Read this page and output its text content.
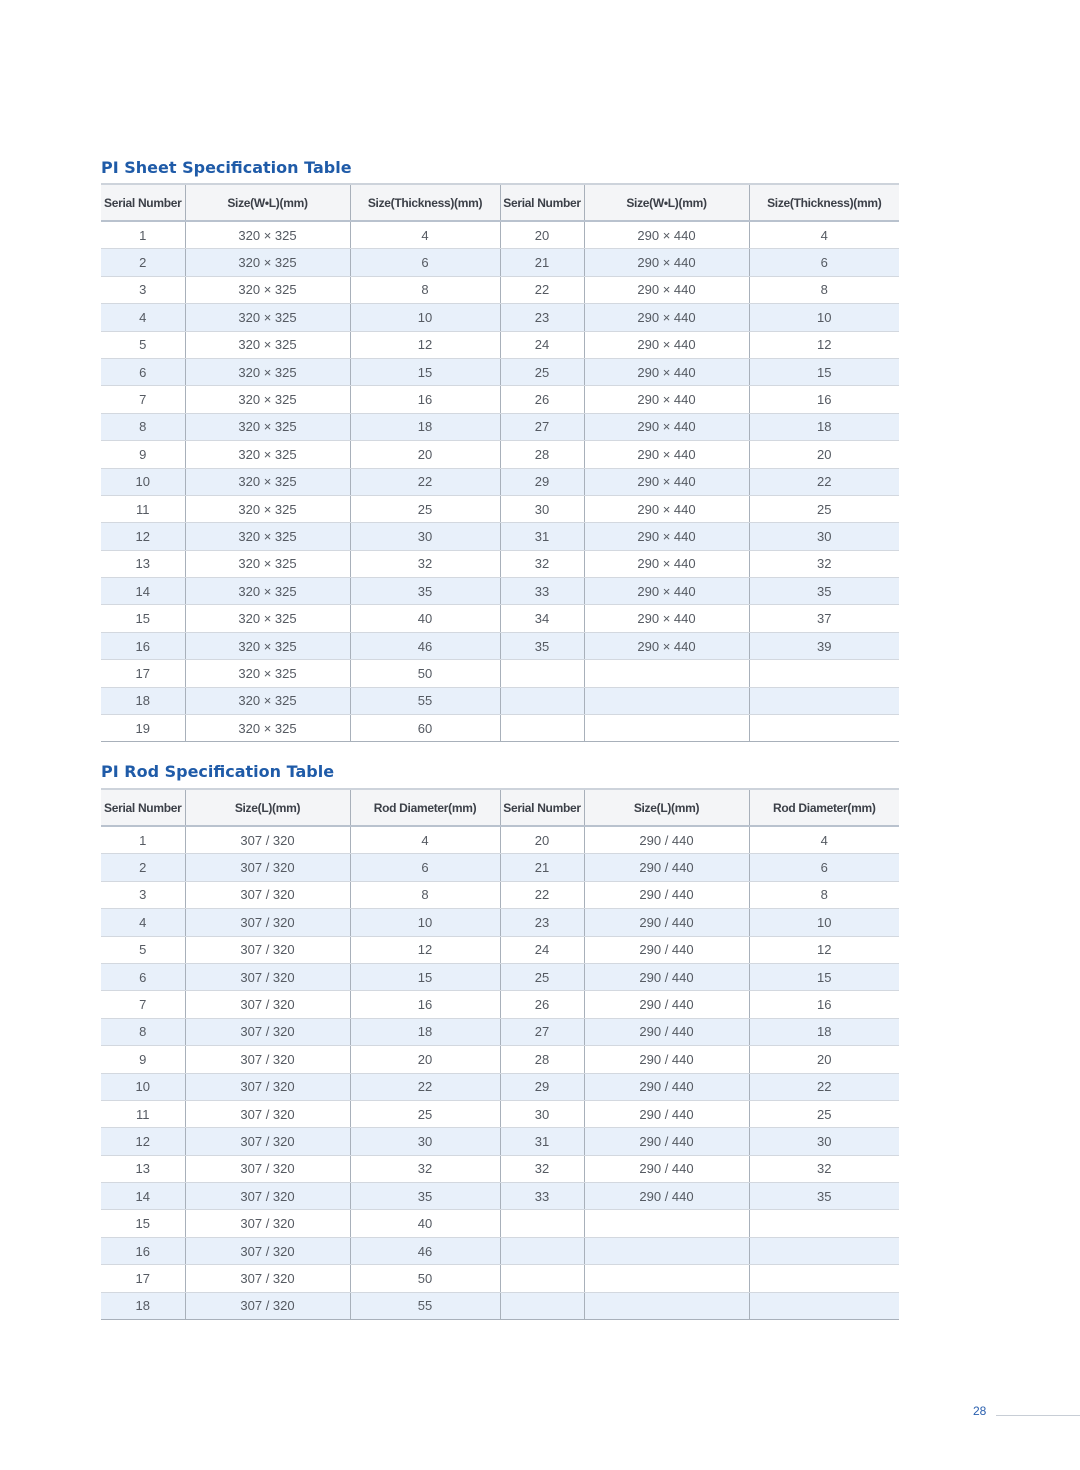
PI Sheet Specification Table
Serial Number	Size(W•L)(mm)	Size(Thickness)(mm)	Serial Number	Size(W•L)(mm)	Size(Thickness)(mm)
1	320 × 325	4	20	290 × 440	4
2	320 × 325	6	21	290 × 440	6
3	320 × 325	8	22	290 × 440	8
4	320 × 325	10	23	290 × 440	10
5	320 × 325	12	24	290 × 440	12
6	320 × 325	15	25	290 × 440	15
7	320 × 325	16	26	290 × 440	16
8	320 × 325	18	27	290 × 440	18
9	320 × 325	20	28	290 × 440	20
10	320 × 325	22	29	290 × 440	22
11	320 × 325	25	30	290 × 440	25
12	320 × 325	30	31	290 × 440	30
13	320 × 325	32	32	290 × 440	32
14	320 × 325	35	33	290 × 440	35
15	320 × 325	40	34	290 × 440	37
16	320 × 325	46	35	290 × 440	39
17	320 × 325	50			
18	320 × 325	55			
19	320 × 325	60			
PI Rod Specification Table
Serial Number	Size(L)(mm)	Rod Diameter(mm)	Serial Number	Size(L)(mm)	Rod Diameter(mm)
1	307 / 320	4	20	290 / 440	4
2	307 / 320	6	21	290 / 440	6
3	307 / 320	8	22	290 / 440	8
4	307 / 320	10	23	290 / 440	10
5	307 / 320	12	24	290 / 440	12
6	307 / 320	15	25	290 / 440	15
7	307 / 320	16	26	290 / 440	16
8	307 / 320	18	27	290 / 440	18
9	307 / 320	20	28	290 / 440	20
10	307 / 320	22	29	290 / 440	22
11	307 / 320	25	30	290 / 440	25
12	307 / 320	30	31	290 / 440	30
13	307 / 320	32	32	290 / 440	32
14	307 / 320	35	33	290 / 440	35
15	307 / 320	40			
16	307 / 320	46			
17	307 / 320	50			
18	307 / 320	55			
28
